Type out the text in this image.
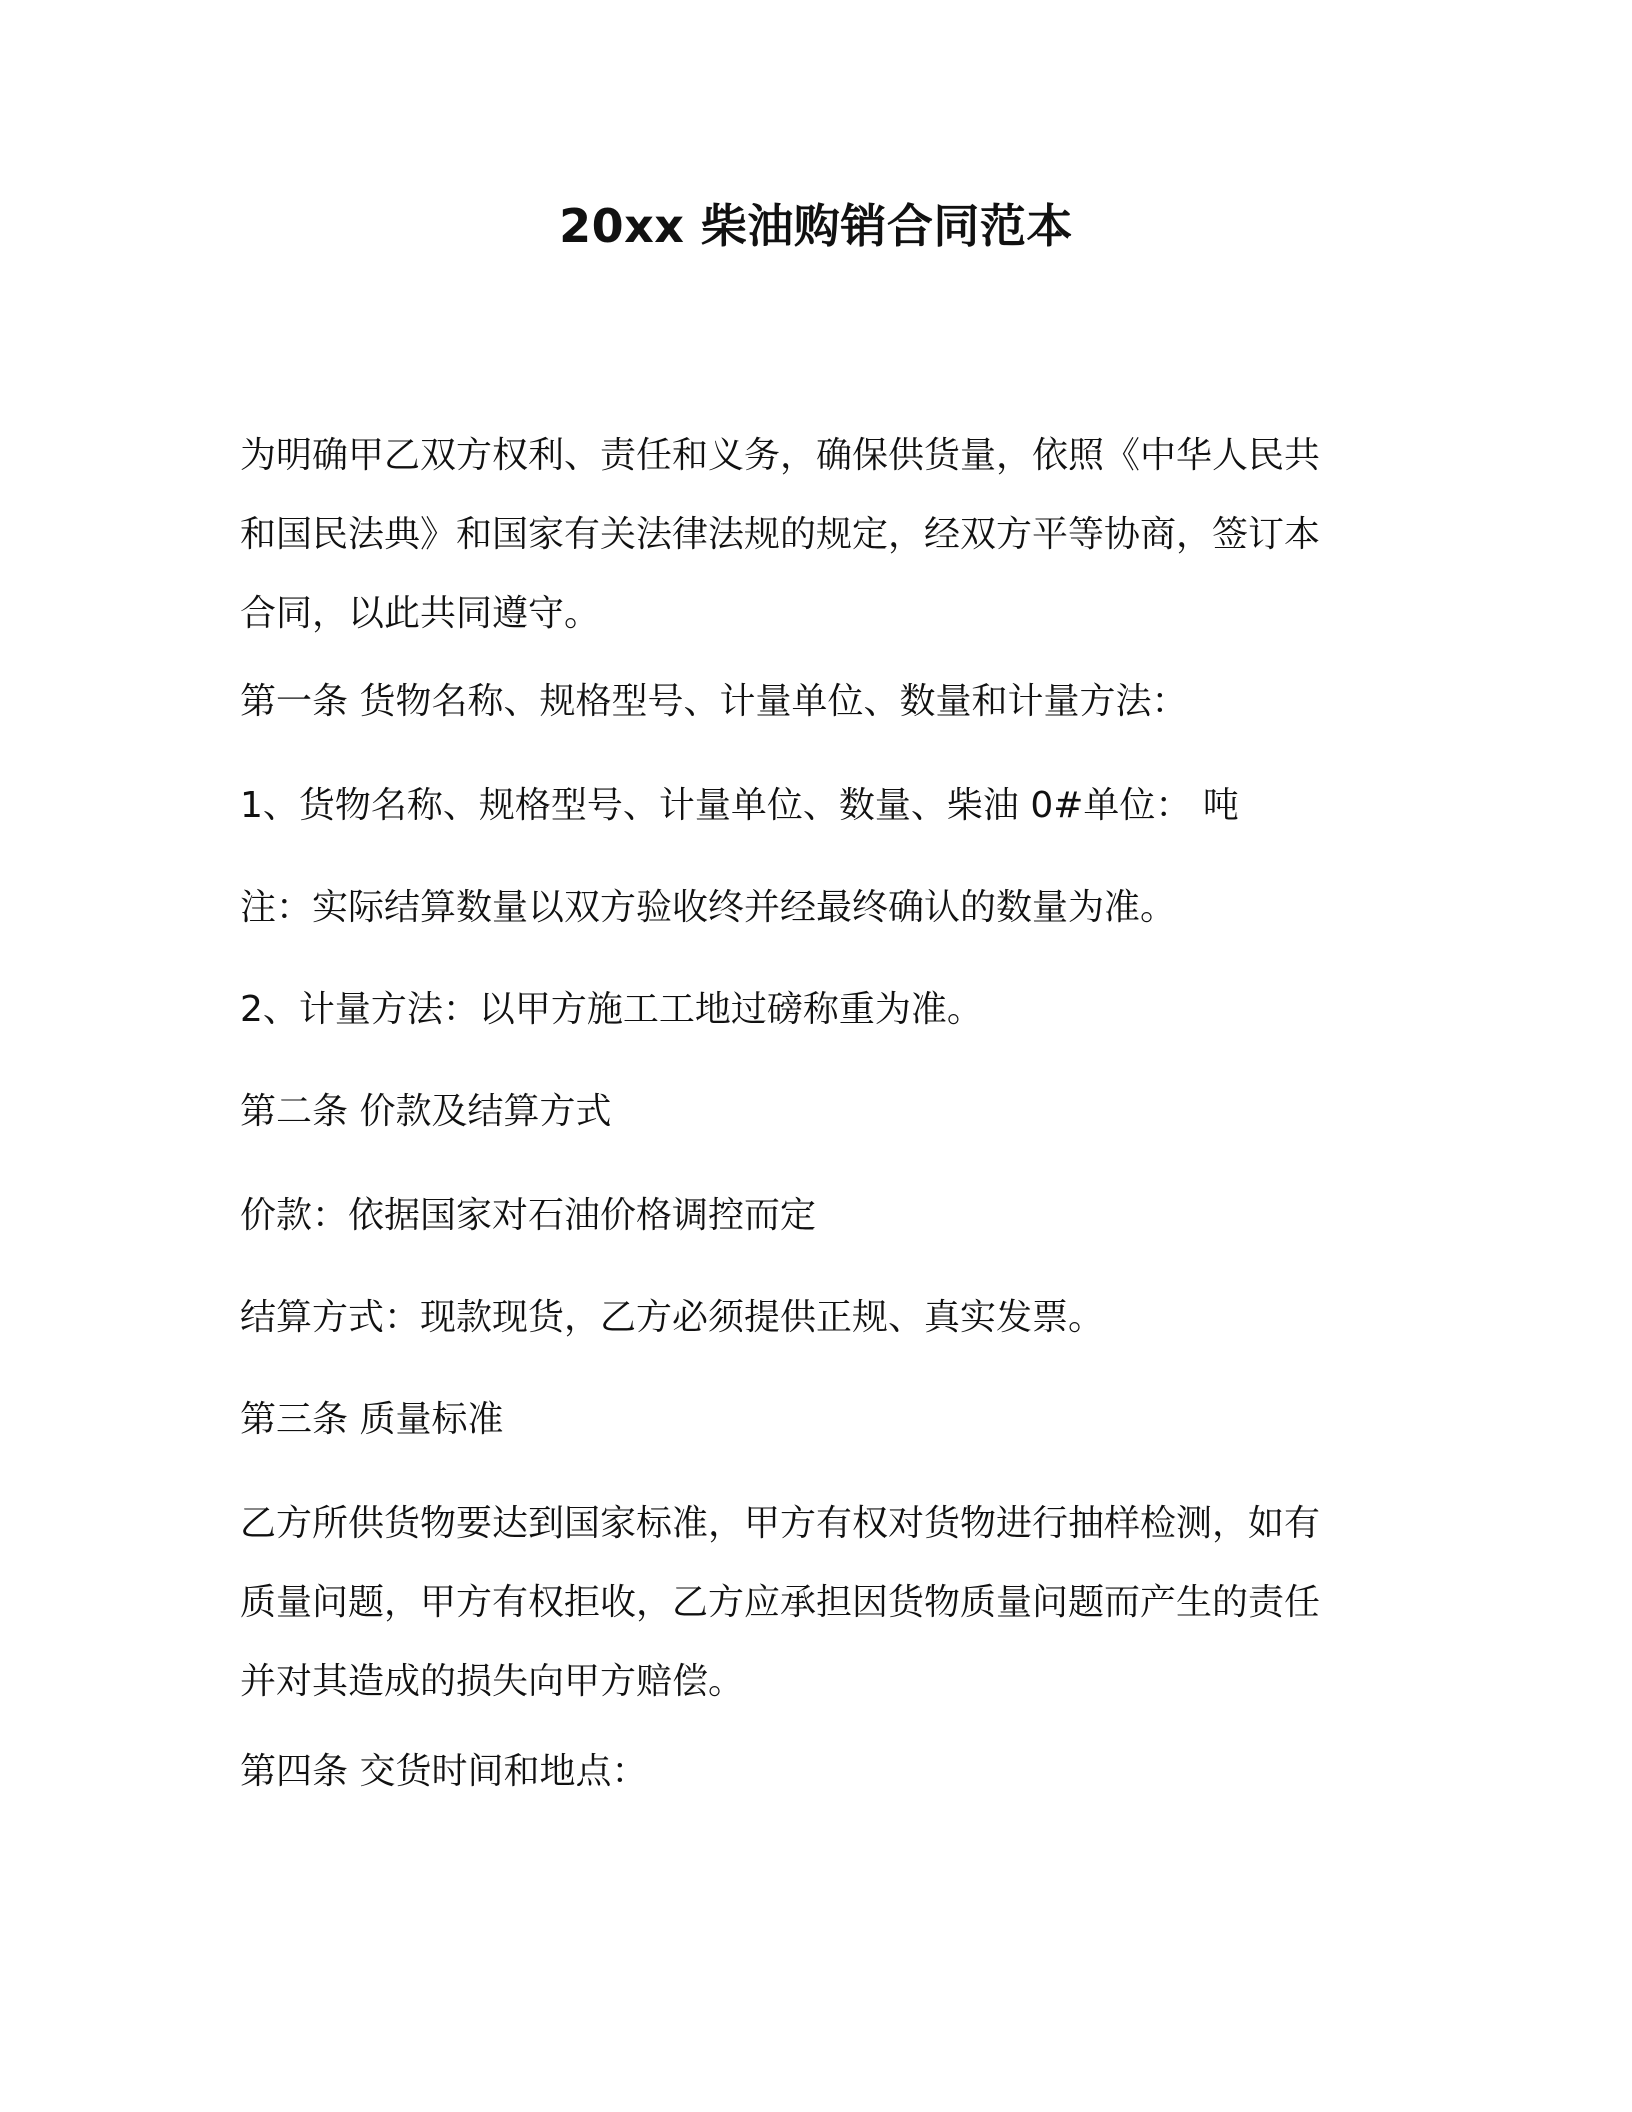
20xx 柴油购销合同范本
为明确甲乙双方权利、责任和义务，确保供货量，依照《中华人民共
和国民法典》和国家有关法律法规的规定，经双方平等协商，签订本
合同，以此共同遵守。

第一条 货物名称、规格型号、计量单位、数量和计量方法：

1、货物名称、规格型号、计量单位、数量、柴油 0#单位： 吨

注：实际结算数量以双方验收终并经最终确认的数量为准。

2、计量方法：以甲方施工工地过磅称重为准。

第二条 价款及结算方式

价款：依据国家对石油价格调控而定

结算方式：现款现货，乙方必须提供正规、真实发票。

第三条 质量标准

乙方所供货物要达到国家标准，甲方有权对货物进行抽样检测，如有
质量问题，甲方有权拒收，乙方应承担因货物质量问题而产生的责任
并对其造成的损失向甲方赔偿。

第四条 交货时间和地点：
